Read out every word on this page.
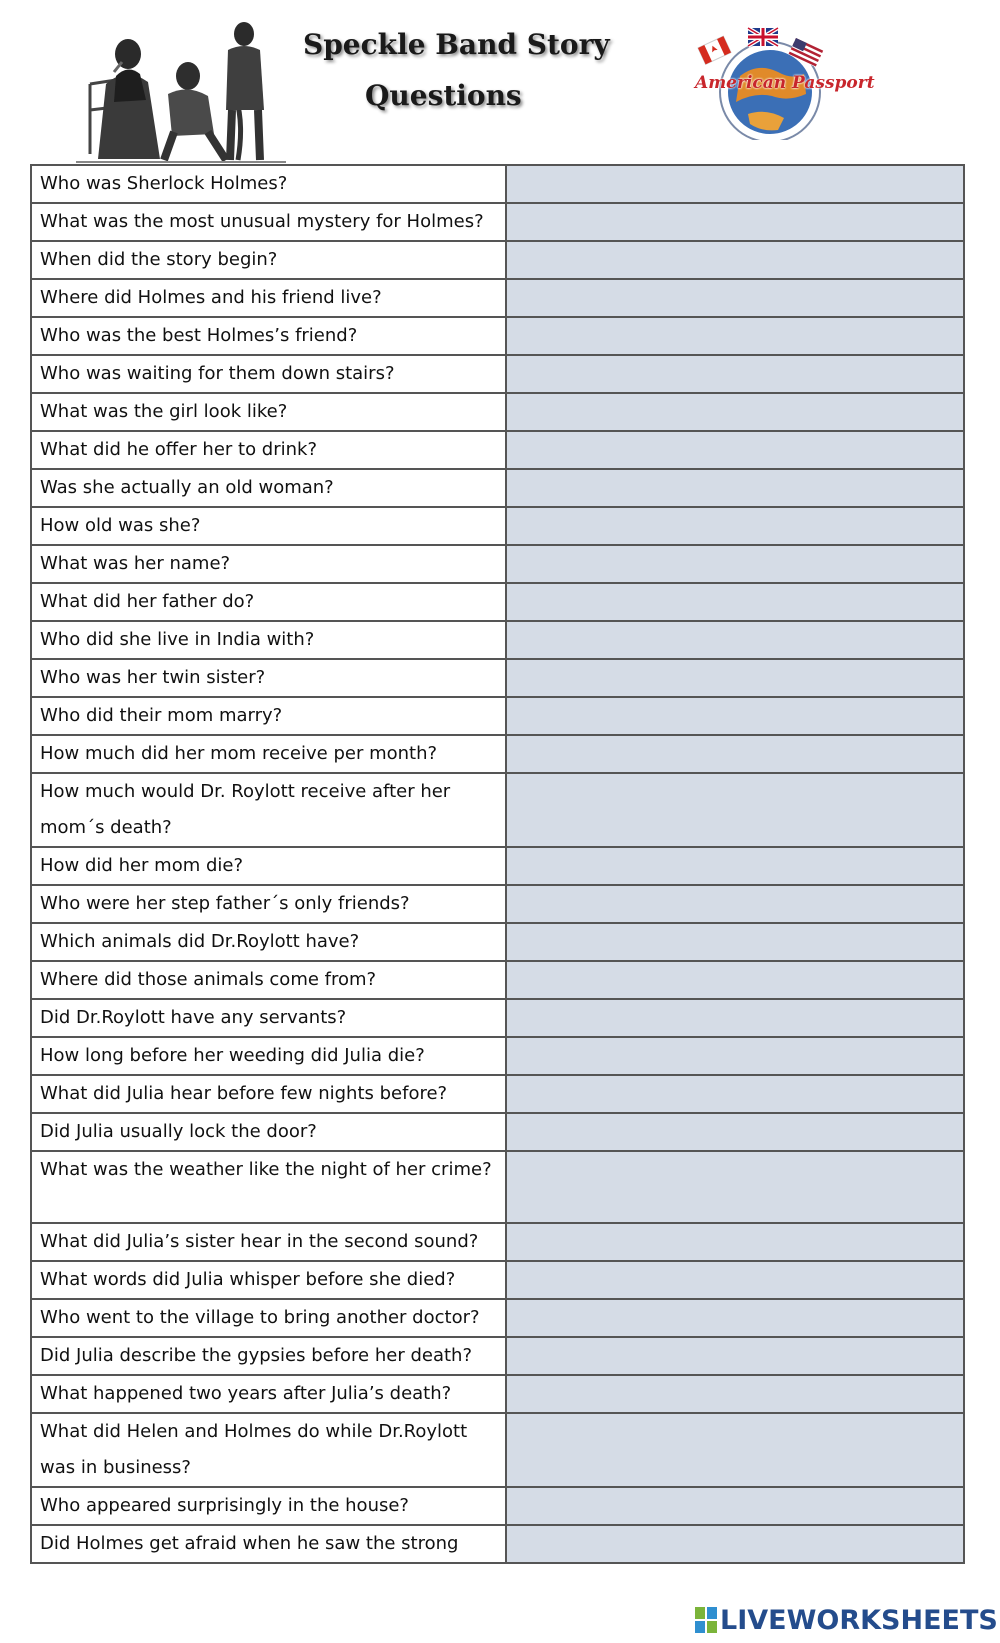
Speckle Band Story
Questions	American Passport
Who was Sherlock Holmes?

What was the most unusual mystery for Holmes?

When did the story begin?

Where did Holmes and his friend live?

Who was the best Holmes’s friend?

Who was waiting for them down stairs?

What was the girl look like?

What did he offer her to drink?

Was she actually an old woman?

How old was she?

What was her name?

What did her father do?

Who did she live in India with?

Who was her twin sister?

Who did their mom marry?

How much did her mom receive per month?

How much would Dr. Roylott receive after her mom´s death?

How did her mom die?

Who were her step father´s only friends?

Which animals did Dr.Roylott have?

Where did those animals come from?

Did Dr.Roylott have any servants?

How long before her weeding did Julia die?

What did Julia hear before few nights before?

Did Julia usually lock the door?

What was the weather like the night of her crime?

What did Julia’s sister hear in the second sound?

What words did Julia whisper before she died?

Who went to the village to bring another doctor?

Did Julia describe the gypsies before her death?

What happened two years after Julia’s death?

What did Helen and Holmes do while Dr.Roylott was in business?

Who appeared surprisingly in the house?

Did Holmes get afraid when he saw the strong

LIVEWORKSHEETS
